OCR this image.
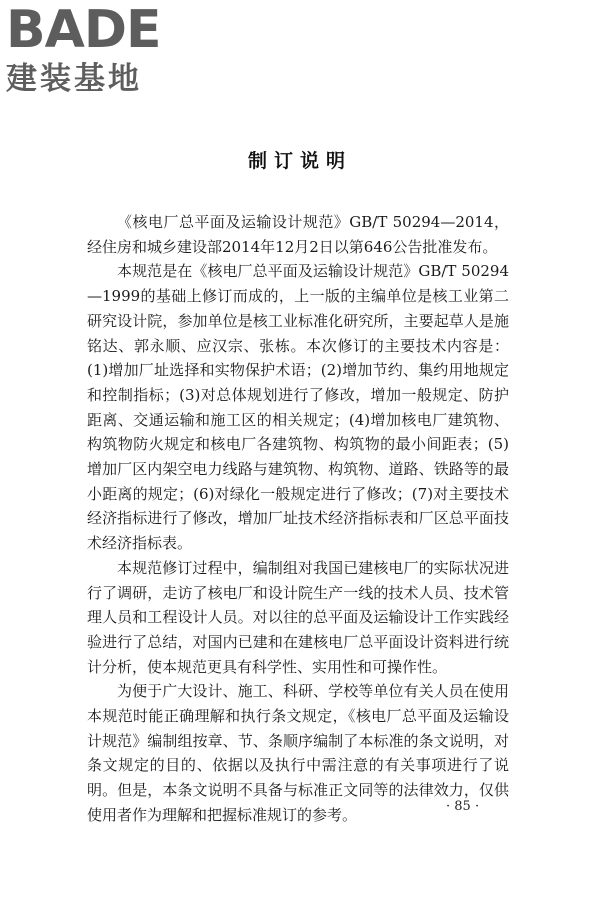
BADE
建装基地
制订说明

《核电厂总平面及运输设计规范》GB/T 50294—2014，经住房和城乡建设部2014年12月2日以第646公告批准发布。

本规范是在《核电厂总平面及运输设计规范》GB/T 50294—1999的基础上修订而成的，上一版的主编单位是核工业第二研究设计院，参加单位是核工业标准化研究所，主要起草人是施铭达、郭永顺、应汉宗、张栋。本次修订的主要技术内容是：(1)增加厂址选择和实物保护术语；(2)增加节约、集约用地规定和控制指标；(3)对总体规划进行了修改，增加一般规定、防护距离、交通运输和施工区的相关规定；(4)增加核电厂建筑物、构筑物防火规定和核电厂各建筑物、构筑物的最小间距表；(5)增加厂区内架空电力线路与建筑物、构筑物、道路、铁路等的最小距离的规定；(6)对绿化一般规定进行了修改；(7)对主要技术经济指标进行了修改，增加厂址技术经济指标表和厂区总平面技术经济指标表。

本规范修订过程中，编制组对我国已建核电厂的实际状况进行了调研，走访了核电厂和设计院生产一线的技术人员、技术管理人员和工程设计人员。对以往的总平面及运输设计工作实践经验进行了总结，对国内已建和在建核电厂总平面设计资料进行统计分析，使本规范更具有科学性、实用性和可操作性。

为便于广大设计、施工、科研、学校等单位有关人员在使用本规范时能正确理解和执行条文规定，《核电厂总平面及运输设计规范》编制组按章、节、条顺序编制了本标准的条文说明，对条文规定的目的、依据以及执行中需注意的有关事项进行了说明。但是，本条文说明不具备与标准正文同等的法律效力，仅供使用者作为理解和把握标准规订的参考。	· 85 ·
